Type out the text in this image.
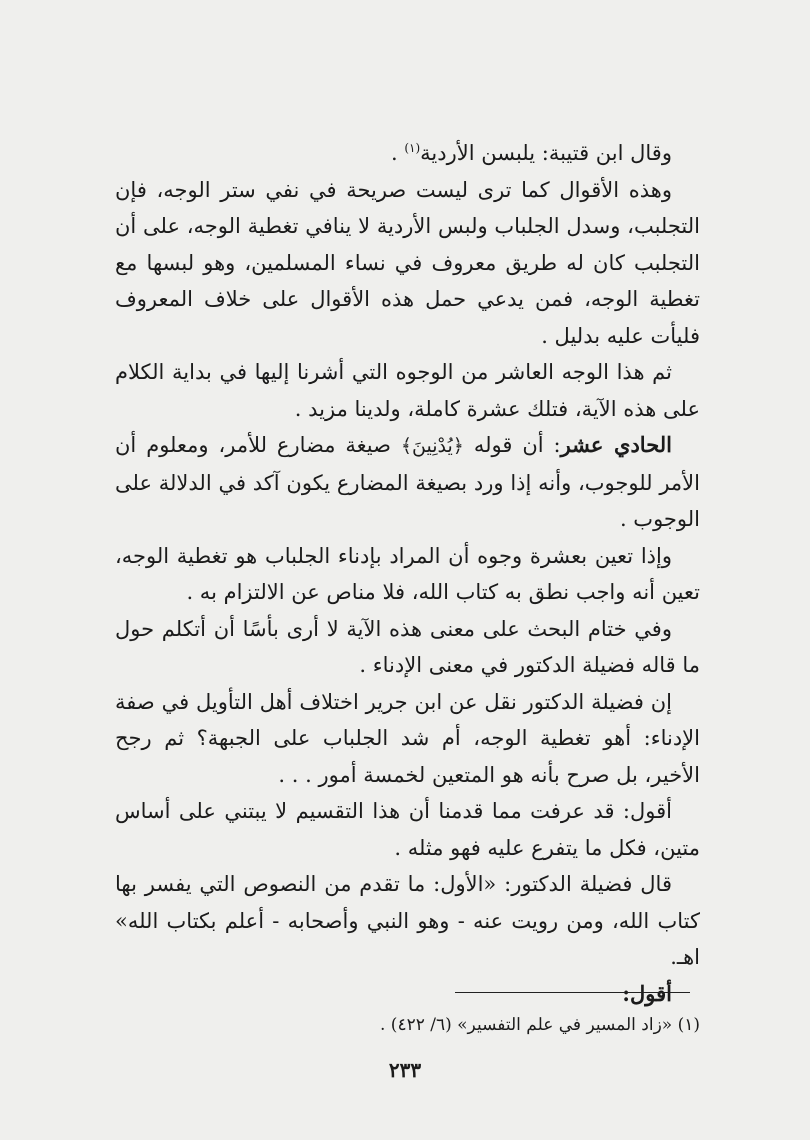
وقال ابن قتيبة: يلبسن الأردية$^{(١)}$ .

وهذه الأقوال كما ترى ليست صريحة في نفي ستر الوجه، فإن التجلبب، وسدل الجلباب ولبس الأردية لا ينافي تغطية الوجه، على أن التجلبب كان له طريق معروف في نساء المسلمين، وهو لبسها مع تغطية الوجه، فمن يدعي حمل هذه الأقوال على خلاف المعروف فليأت عليه بدليل .

ثم هذا الوجه العاشر من الوجوه التي أشرنا إليها في بداية الكلام على هذه الآية، فتلك عشرة كاملة، ولدينا مزيد .

الحادي عشر: أن قوله ﴿يُدْنِينَ﴾ صيغة مضارع للأمر، ومعلوم أن الأمر للوجوب، وأنه إذا ورد بصيغة المضارع يكون آكد في الدلالة على الوجوب .

وإذا تعين بعشرة وجوه أن المراد بإدناء الجلباب هو تغطية الوجه، تعين أنه واجب نطق به كتاب الله، فلا مناص عن الالتزام به .

وفي ختام البحث على معنى هذه الآية لا أرى بأسًا أن أتكلم حول ما قاله فضيلة الدكتور في معنى الإدناء .

إن فضيلة الدكتور نقل عن ابن جرير اختلاف أهل التأويل في صفة الإدناء: أهو تغطية الوجه، أم شد الجلباب على الجبهة؟ ثم رجح الأخير، بل صرح بأنه هو المتعين لخمسة أمور . . .

أقول: قد عرفت مما قدمنا أن هذا التقسيم لا يبتني على أساس متين، فكل ما يتفرع عليه فهو مثله .

قال فضيلة الدكتور: «الأول: ما تقدم من النصوص التي يفسر بها كتاب الله، ومن رويت عنه - وهو النبي وأصحابه - أعلم بكتاب الله» اهـ.

أقول:

(١) «زاد المسير في علم التفسير» (٦/ ٤٢٢) .
٢٣٣
